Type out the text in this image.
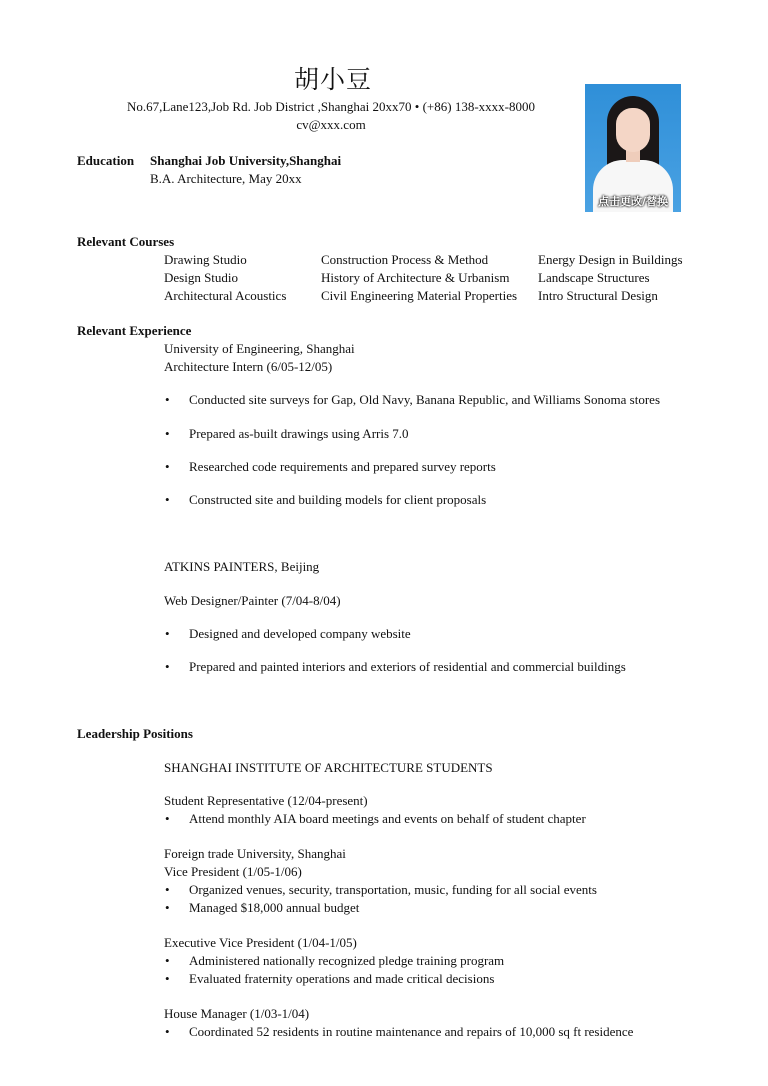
胡小豆
No.67,Lane123,Job Rd. Job District ,Shanghai 20xx70 • (+86) 138-xxxx-8000
cv@xxx.com
点击更改/替换
Education Shanghai Job University,Shanghai
B.A. Architecture, May 20xx
Relevant Courses
Drawing Studio
Design Studio
Architectural Acoustics
Construction Process & Method
History of Architecture & Urbanism
Civil Engineering Material Properties
Energy Design in Buildings
Landscape Structures
Intro Structural Design
Relevant Experience
University of Engineering, Shanghai
Architecture Intern (6/05-12/05)
• Conducted site surveys for Gap, Old Navy, Banana Republic, and Williams Sonoma stores
• Prepared as-built drawings using Arris 7.0
• Researched code requirements and prepared survey reports
• Constructed site and building models for client proposals
ATKINS PAINTERS, Beijing
Web Designer/Painter (7/04-8/04)
• Designed and developed company website
• Prepared and painted interiors and exteriors of residential and commercial buildings
Leadership Positions
SHANGHAI INSTITUTE OF ARCHITECTURE STUDENTS
Student Representative (12/04-present)
• Attend monthly AIA board meetings and events on behalf of student chapter
Foreign trade University, Shanghai
Vice President (1/05-1/06)
• Organized venues, security, transportation, music, funding for all social events
• Managed $18,000 annual budget
Executive Vice President (1/04-1/05)
• Administered nationally recognized pledge training program
• Evaluated fraternity operations and made critical decisions
House Manager (1/03-1/04)
• Coordinated 52 residents in routine maintenance and repairs of 10,000 sq ft residence
